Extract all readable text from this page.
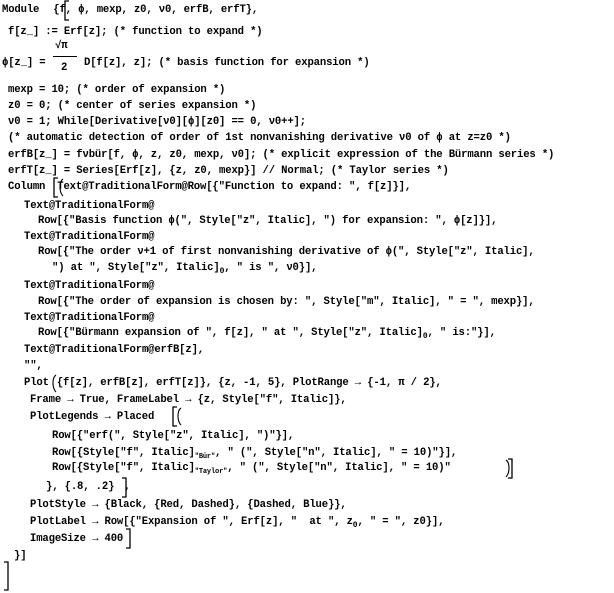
Module {f, ϕ, mexp, z0, ν0, erfB, erfT},
f[z_] := Erf[z]; (* function to expand *)
ϕ[z_] =
√π
2 D[f[z], z]; (* basis function for expansion *)
mexp = 10; (* order of expansion *)
z0 = 0; (* center of series expansion *)
ν0 = 1; While[Derivative[ν0][ϕ][z0] == 0, ν0++];
(* automatic detection of order of 1st nonvanishing derivative ν0 of ϕ at z=z0 *)
erfB[z_] = fνbür[f, ϕ, z, z0, mexp, ν0]; (* explicit expression of the Bürmann series *)
erfT[z_] = Series[Erf[z], {z, z0, mexp}] // Normal; (* Taylor series *)
Column Text@TraditionalForm@Row[{"Function to expand: ", f[z]}],
Text@TraditionalForm@
Row[{"Basis function ϕ(", Style["z", Italic], ") for expansion: ", ϕ[z]}],
Text@TraditionalForm@
Row[{"The order ν+1 of first nonvanishing derivative of ϕ(", Style["z", Italic],
") at ", Style["z", $Italic]_0$, " is ", ν0}],
Text@TraditionalForm@
Row[{"The order of expansion is chosen by: ", Style["m", Italic], " = ", mexp}],
Text@TraditionalForm@
Row[{"Bürmann expansion of ", f[z], " at ", Style["z", $Italic]_0$, " is:"}],
Text@TraditionalForm@erfB[z],
"",
Plot {f[z], erfB[z], erfT[z]}, {z, -1, 5}, PlotRange → {-1, π / 2},
Frame → True, FrameLabel → {z, Style["f", Italic]},
PlotLegends → Placed
Row[{"erf(", Style["z", Italic], ")"}],
Row[{Style["f", $Italic]_{"Bür"}$, " (", Style["n", Italic], " = 10)"}],
Row[{Style["f", $Italic]_{"Taylor"}$, " (", Style["n", Italic], " = 10)"
}, {.8, .2} ,
PlotStyle → {Black, {Red, Dashed}, {Dashed, Blue}},
PlotLabel → Row[{"Expansion of ", Erf[z], "  at ", $z_0$, " = ", z0}],
ImageSize → 400
}]
